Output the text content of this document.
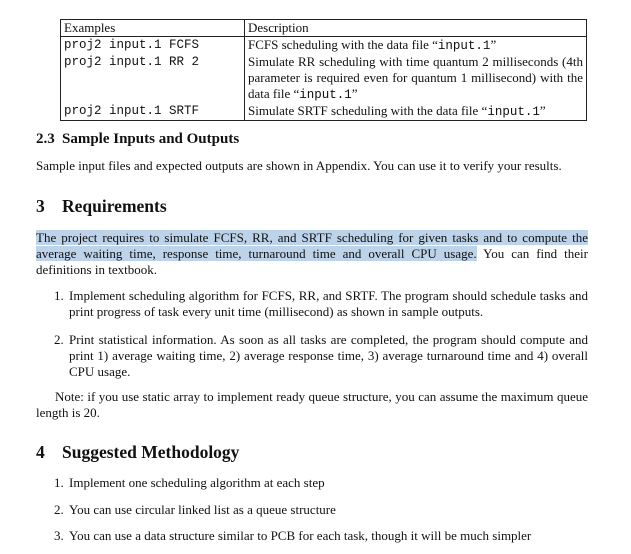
Examples	Description
proj2 input.1 FCFS	FCFS scheduling with the data file “input.1”
proj2 input.1 RR 2	Simulate RR scheduling with time quantum 2 milliseconds (4th parameter is required even for quantum 1 millisecond) with the data file “input.1”
proj2 input.1 SRTF	Simulate SRTF scheduling with the data file “input.1”
2.3 Sample Inputs and Outputs

Sample input files and expected outputs are shown in Appendix. You can use it to verify your results.

3 Requirements

The project requires to simulate FCFS, RR, and SRTF scheduling for given tasks and to compute the average waiting time, response time, turnaround time and overall CPU usage. You can find their definitions in textbook.

1. Implement scheduling algorithm for FCFS, RR, and SRTF. The program should schedule tasks and print progress of task every unit time (millisecond) as shown in sample outputs.
2. Print statistical information. As soon as all tasks are completed, the program should compute and print 1) average waiting time, 2) average response time, 3) average turnaround time and 4) overall CPU usage.

Note: if you use static array to implement ready queue structure, you can assume the maximum queue length is 20.

4 Suggested Methodology
1. Implement one scheduling algorithm at each step
2. You can use circular linked list as a queue structure
3. You can use a data structure similar to PCB for each task, though it will be much simpler
